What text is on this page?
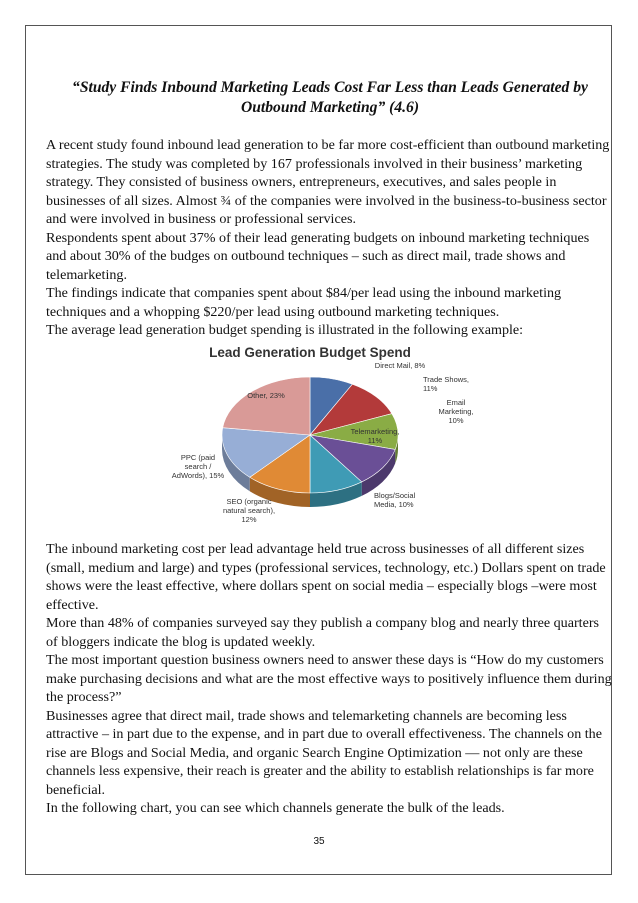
“Study Finds Inbound Marketing Leads Cost Far Less than Leads Generated by Outbound Marketing” (4.6)

A recent study found inbound lead generation to be far more cost-efficient than outbound marketing strategies. The study was completed by 167 professionals involved in their business’ marketing strategy. They consisted of business owners, entrepreneurs, executives, and sales people in businesses of all sizes. Almost ¾ of the companies were involved in the business-to-business sector and were involved in business or professional services.

Respondents spent about 37% of their lead generating budgets on inbound marketing techniques and about 30% of the budges on outbound techniques – such as direct mail, trade shows and telemarketing.

The findings indicate that companies spent about $84/per lead using the inbound marketing techniques and a whopping $220/per lead using outbound marketing techniques.

The average lead generation budget spending is illustrated in the following example:

Lead Generation Budget Spend
Direct Mail, 8%
Trade Shows, 11%
Email Marketing, 10%
Telemarketing, 11%
Blogs/Social Media, 10%
SEO (organic natural search), 12%
PPC (paid search / AdWords), 15%
Other, 23%

The inbound marketing cost per lead advantage held true across businesses of all different sizes (small, medium and large) and types (professional services, technology, etc.) Dollars spent on trade shows were the least effective, where dollars spent on social media – especially blogs –were most effective.

More than 48% of companies surveyed say they publish a company blog and nearly three quarters of bloggers indicate the blog is updated weekly.

The most important question business owners need to answer these days is “How do my customers make purchasing decisions and what are the most effective ways to positively influence them during the process?”

Businesses agree that direct mail, trade shows and telemarketing channels are becoming less attractive – in part due to the expense, and in part due to overall effectiveness. The channels on the rise are Blogs and Social Media, and organic Search Engine Optimization — not only are these channels less expensive, their reach is greater and the ability to establish relationships is far more beneficial.

In the following chart, you can see which channels generate the bulk of the leads.

35
